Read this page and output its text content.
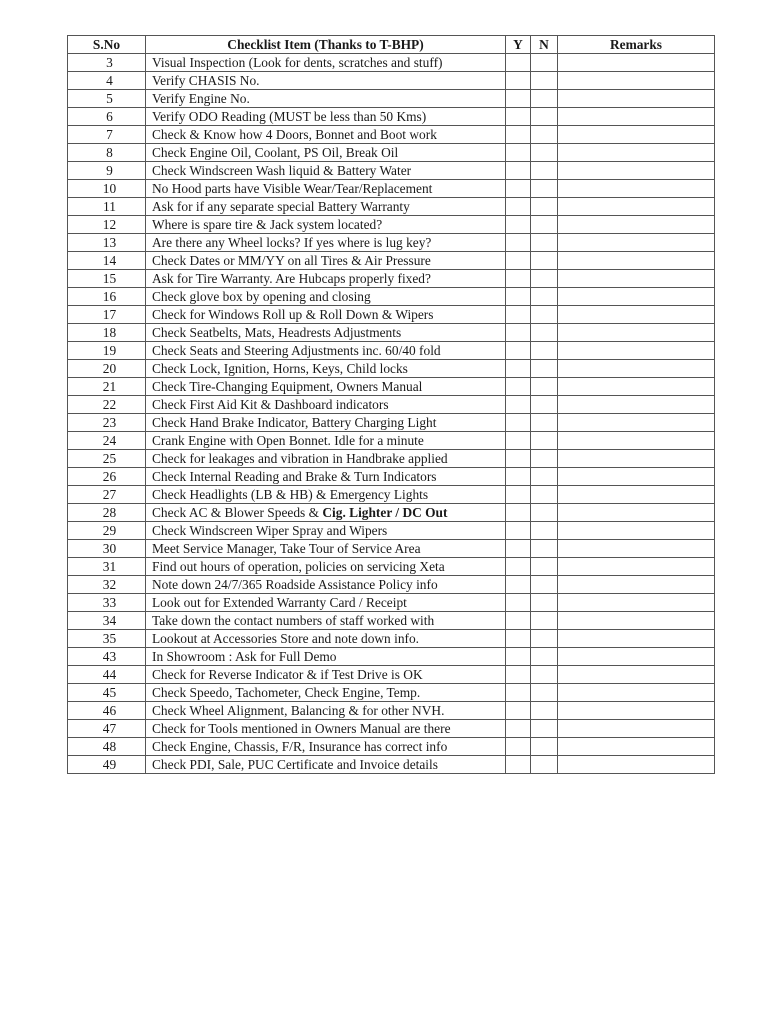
S.No	Checklist Item (Thanks to T-BHP)	Y	N	Remarks
3	Visual Inspection (Look for dents, scratches and stuff)			
4	Verify CHASIS No.			
5	Verify Engine No.			
6	Verify ODO Reading (MUST be less than 50 Kms)			
7	Check & Know how 4 Doors, Bonnet and Boot work			
8	Check Engine Oil, Coolant, PS Oil, Break Oil			
9	Check Windscreen Wash liquid & Battery Water			
10	No Hood parts have Visible Wear/Tear/Replacement			
11	Ask for if any separate special Battery Warranty			
12	Where is spare tire & Jack system located?			
13	Are there any Wheel locks? If yes where is lug key?			
14	Check Dates or MM/YY on all Tires & Air Pressure			
15	Ask for Tire Warranty. Are Hubcaps properly fixed?			
16	Check glove box by opening and closing			
17	Check for Windows Roll up & Roll Down & Wipers			
18	Check Seatbelts, Mats, Headrests Adjustments			
19	Check Seats and Steering Adjustments inc. 60/40 fold			
20	Check Lock, Ignition, Horns, Keys, Child locks			
21	Check Tire-Changing Equipment, Owners Manual			
22	Check First Aid Kit & Dashboard indicators			
23	Check Hand Brake Indicator, Battery Charging Light			
24	Crank Engine with Open Bonnet. Idle for a minute			
25	Check for leakages and vibration in Handbrake applied			
26	Check Internal Reading and Brake & Turn Indicators			
27	Check Headlights (LB & HB) & Emergency Lights			
28	Check AC & Blower Speeds & Cig. Lighter / DC Out			
29	Check Windscreen Wiper Spray and Wipers			
30	Meet Service Manager, Take Tour of Service Area			
31	Find out hours of operation, policies on servicing Xeta			
32	Note down 24/7/365 Roadside Assistance Policy info			
33	Look out for Extended Warranty Card / Receipt			
34	Take down the contact numbers of staff worked with			
35	Lookout at Accessories Store and note down info.			
43	In Showroom : Ask for Full Demo			
44	Check for Reverse Indicator & if Test Drive is OK			
45	Check Speedo, Tachometer, Check Engine, Temp.			
46	Check Wheel Alignment, Balancing & for other NVH.			
47	Check for Tools mentioned in Owners Manual are there			
48	Check Engine, Chassis, F/R, Insurance has correct info			
49	Check PDI, Sale, PUC Certificate and Invoice details			
